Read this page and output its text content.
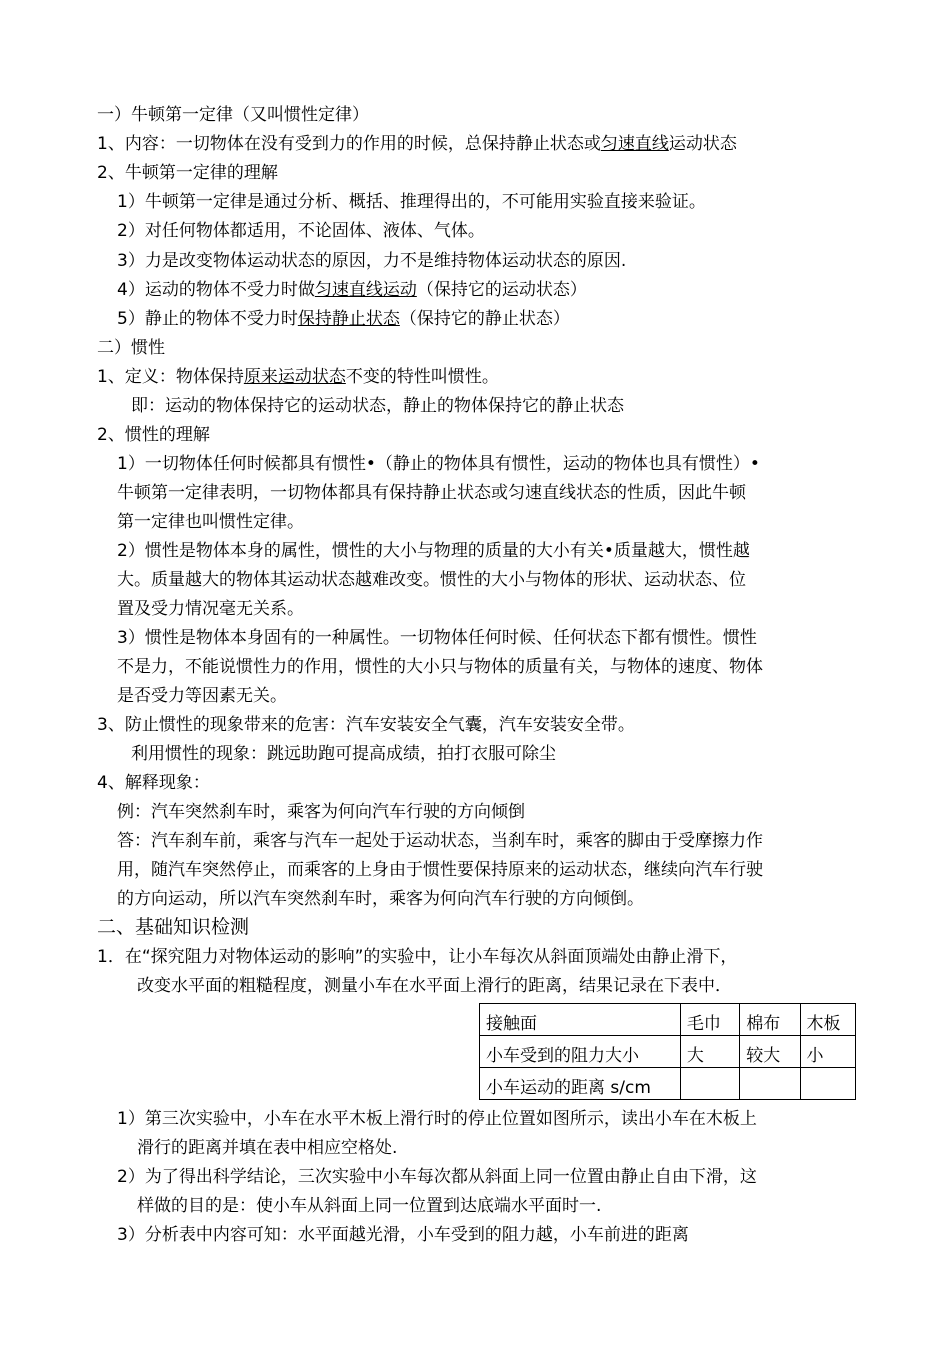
一）牛顿第一定律（又叫惯性定律）
1、内容：一切物体在没有受到力的作用的时候，总保持静止状态或匀速直线运动状态
2、牛顿第一定律的理解
1）牛顿第一定律是通过分析、概括、推理得出的，不可能用实验直接来验证。
2）对任何物体都适用，不论固体、液体、气体。
3）力是改变物体运动状态的原因，力不是维持物体运动状态的原因.
4）运动的物体不受力时做匀速直线运动（保持它的运动状态）
5）静止的物体不受力时保持静止状态（保持它的静止状态）
二）惯性
1、定义：物体保持原来运动状态不变的特性叫惯性。
即：运动的物体保持它的运动状态，静止的物体保持它的静止状态
2、惯性的理解
1）一切物体任何时候都具有惯性•（静止的物体具有惯性，运动的物体也具有惯性）•
牛顿第一定律表明，一切物体都具有保持静止状态或匀速直线状态的性质，因此牛顿
第一定律也叫惯性定律。
2）惯性是物体本身的属性，惯性的大小与物理的质量的大小有关•质量越大，惯性越
大。质量越大的物体其运动状态越难改变。惯性的大小与物体的形状、运动状态、位
置及受力情况毫无关系。
3）惯性是物体本身固有的一种属性。一切物体任何时候、任何状态下都有惯性。惯性
不是力，不能说惯性力的作用，惯性的大小只与物体的质量有关，与物体的速度、物体
是否受力等因素无关。
3、防止惯性的现象带来的危害：汽车安装安全气囊，汽车安装安全带。
利用惯性的现象：跳远助跑可提高成绩，拍打衣服可除尘
4、解释现象：
例：汽车突然刹车时，乘客为何向汽车行驶的方向倾倒
答：汽车刹车前，乘客与汽车一起处于运动状态，当刹车时，乘客的脚由于受摩擦力作
用，随汽车突然停止，而乘客的上身由于惯性要保持原来的运动状态，继续向汽车行驶
的方向运动，所以汽车突然刹车时，乘客为何向汽车行驶的方向倾倒。
二、基础知识检测
1．在“探究阻力对物体运动的影响”的实验中，让小车每次从斜面顶端处由静止滑下，
改变水平面的粗糙程度，测量小车在水平面上滑行的距离，结果记录在下表中．
接触面	毛巾	棉布	木板
小车受到的阻力大小	大	较大	小
小车运动的距离 s/cm			
1）第三次实验中，小车在水平木板上滑行时的停止位置如图所示，读出小车在木板上
滑行的距离并填在表中相应空格处.
2）为了得出科学结论，三次实验中小车每次都从斜面上同一位置由静止自由下滑，这
样做的目的是：使小车从斜面上同一位置到达底端水平面时一.
3）分析表中内容可知：水平面越光滑，小车受到的阻力越，小车前进的距离
